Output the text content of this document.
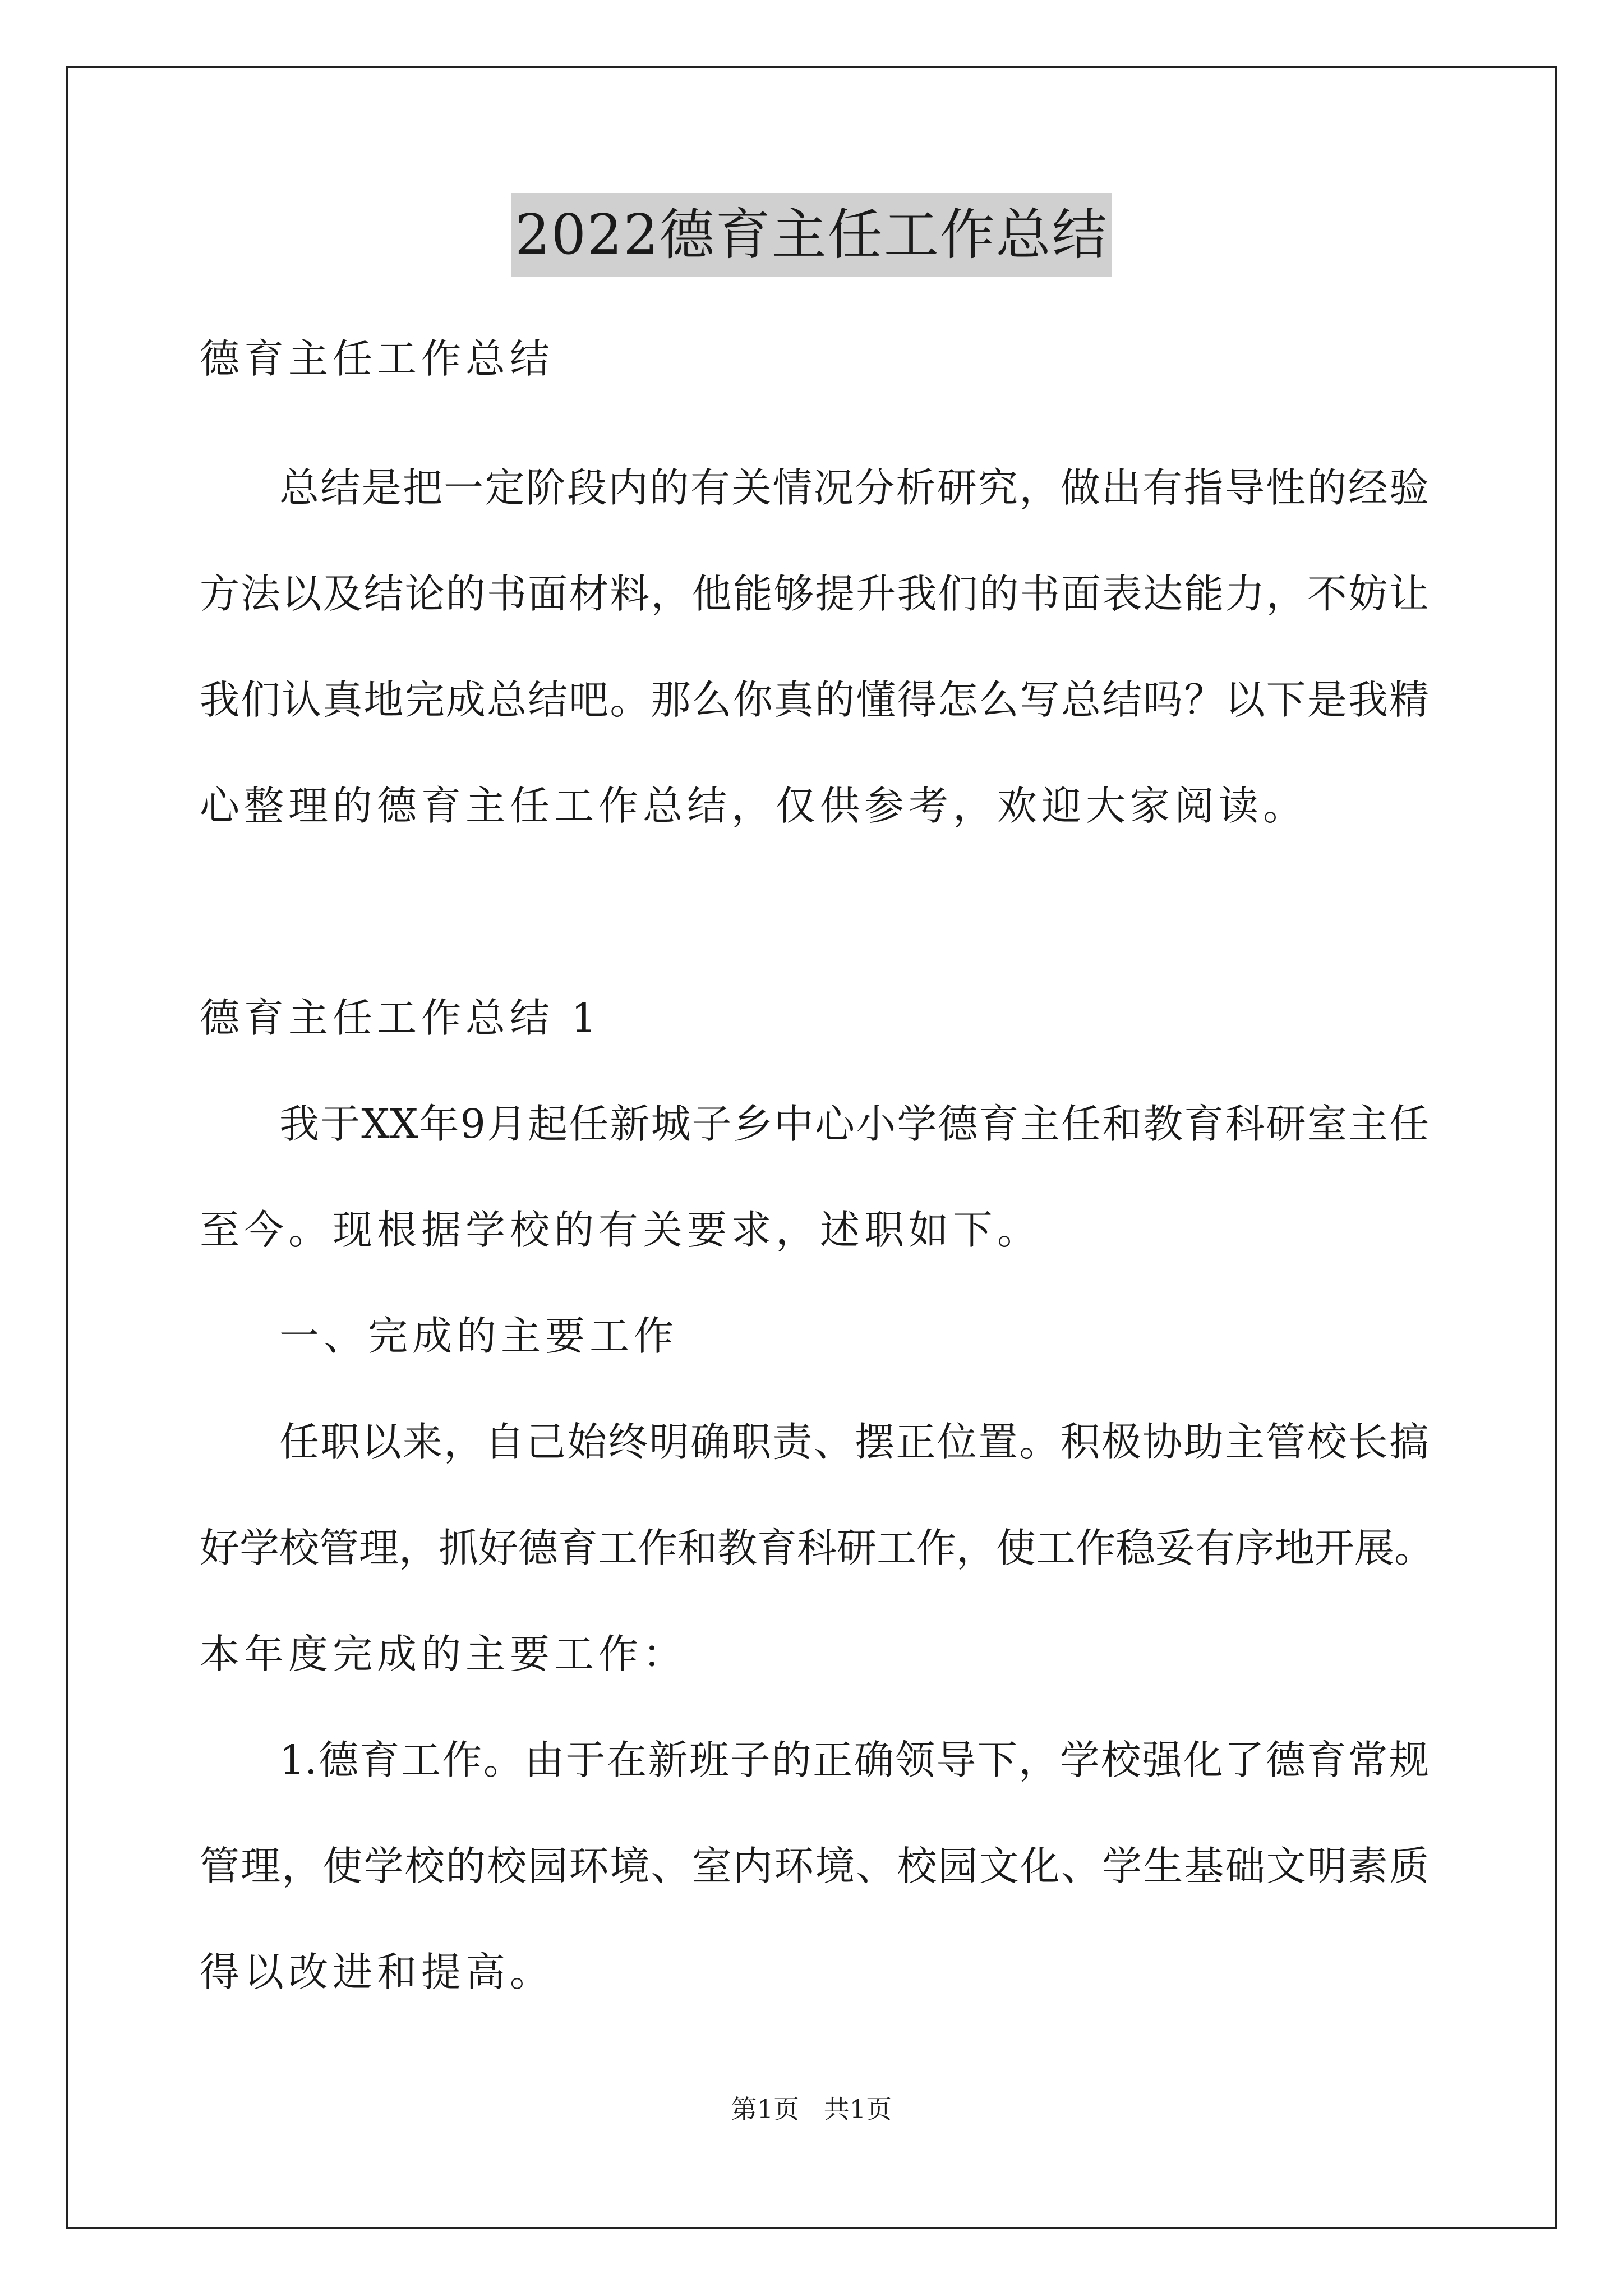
2022德育主任工作总结
德育主任工作总结
总结是把一定阶段内的有关情况分析研究，做出有指导性的经验
方法以及结论的书面材料，他能够提升我们的书面表达能力，不妨让
我们认真地完成总结吧。那么你真的懂得怎么写总结吗？以下是我精
心整理的德育主任工作总结，仅供参考，欢迎大家阅读。
德育主任工作总结 1
我于XX年9月起任新城子乡中心小学德育主任和教育科研室主任
至今。现根据学校的有关要求，述职如下。
一、完成的主要工作
任职以来，自己始终明确职责、摆正位置。积极协助主管校长搞
好学校管理，抓好德育工作和教育科研工作，使工作稳妥有序地开展。
本年度完成的主要工作：
1.德育工作。由于在新班子的正确领导下，学校强化了德育常规
管理，使学校的校园环境、室内环境、校园文化、学生基础文明素质
得以改进和提高。
第1页   共1页
